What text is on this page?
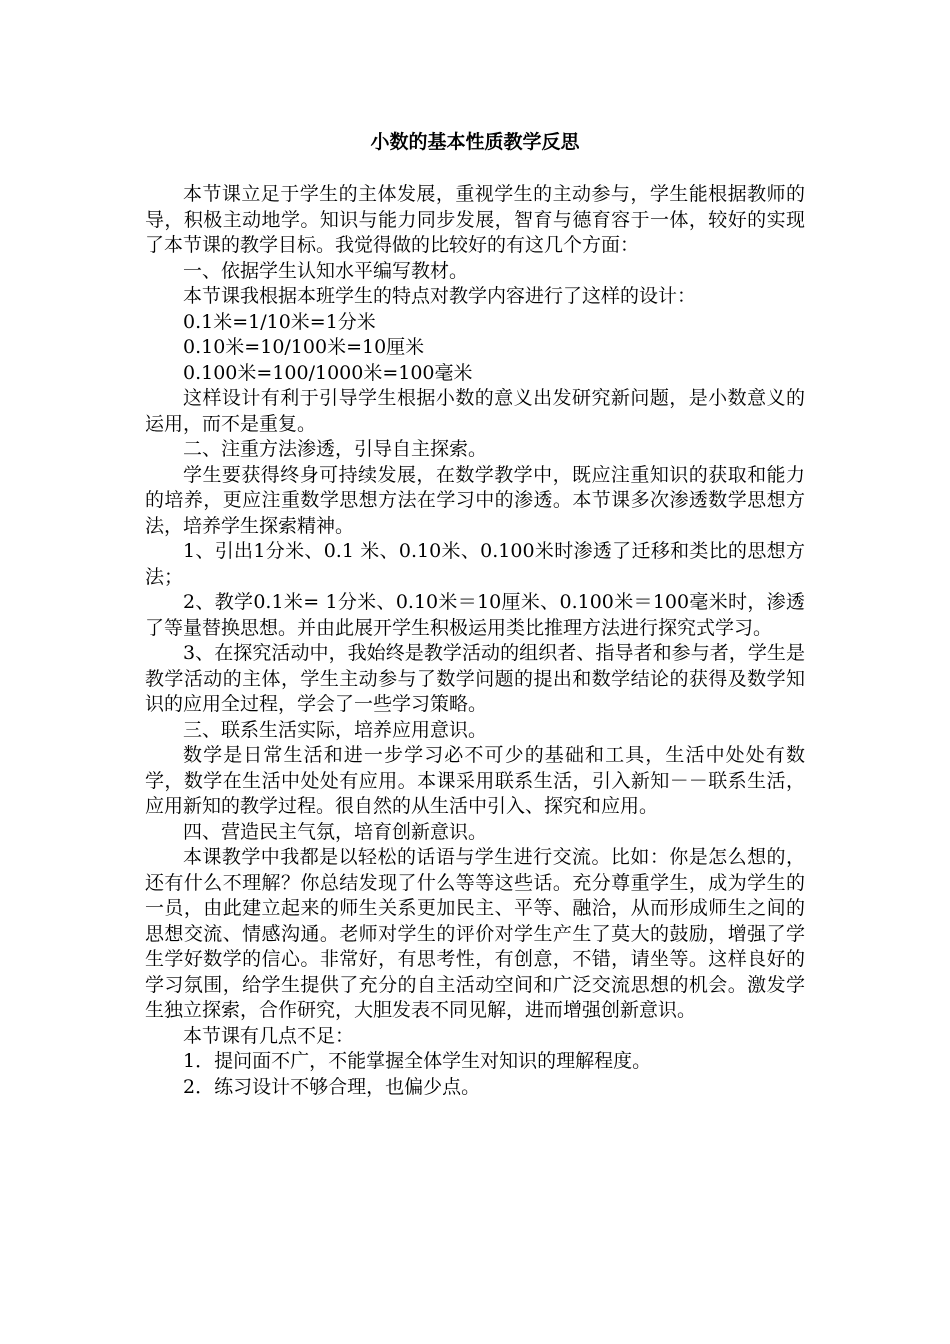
小数的基本性质教学反思

本节课立足于学生的主体发展，重视学生的主动参与，学生能根据教师的导，积极主动地学。知识与能力同步发展，智育与德育容于一体，较好的实现了本节课的教学目标。我觉得做的比较好的有这几个方面：

一、依据学生认知水平编写教材。

本节课我根据本班学生的特点对教学内容进行了这样的设计：

0.1米=1/10米=1分米

0.10米=10/100米=10厘米

0.100米=100/1000米=100毫米

这样设计有利于引导学生根据小数的意义出发研究新问题，是小数意义的运用，而不是重复。

二、注重方法渗透，引导自主探索。

学生要获得终身可持续发展，在数学教学中，既应注重知识的获取和能力的培养，更应注重数学思想方法在学习中的渗透。本节课多次渗透数学思想方法，培养学生探索精神。

1、引出1分米、0.1 米、0.10米、0.100米时渗透了迁移和类比的思想方法；

2、教学0.1米= 1分米、0.10米＝10厘米、0.100米＝100毫米时，渗透了等量替换思想。并由此展开学生积极运用类比推理方法进行探究式学习。

3、在探究活动中，我始终是教学活动的组织者、指导者和参与者，学生是教学活动的主体，学生主动参与了数学问题的提出和数学结论的获得及数学知识的应用全过程，学会了一些学习策略。

三、联系生活实际，培养应用意识。

数学是日常生活和进一步学习必不可少的基础和工具，生活中处处有数学，数学在生活中处处有应用。本课采用联系生活，引入新知－－联系生活，应用新知的教学过程。很自然的从生活中引入、探究和应用。

四、营造民主气氛，培育创新意识。

本课教学中我都是以轻松的话语与学生进行交流。比如：你是怎么想的，还有什么不理解？你总结发现了什么等等这些话。充分尊重学生，成为学生的一员，由此建立起来的师生关系更加民主、平等、融洽，从而形成师生之间的思想交流、情感沟通。老师对学生的评价对学生产生了莫大的鼓励，增强了学生学好数学的信心。非常好，有思考性，有创意，不错，请坐等。这样良好的学习氛围，给学生提供了充分的自主活动空间和广泛交流思想的机会。激发学生独立探索，合作研究，大胆发表不同见解，进而增强创新意识。

本节课有几点不足：

1．提问面不广，不能掌握全体学生对知识的理解程度。

2．练习设计不够合理，也偏少点。
